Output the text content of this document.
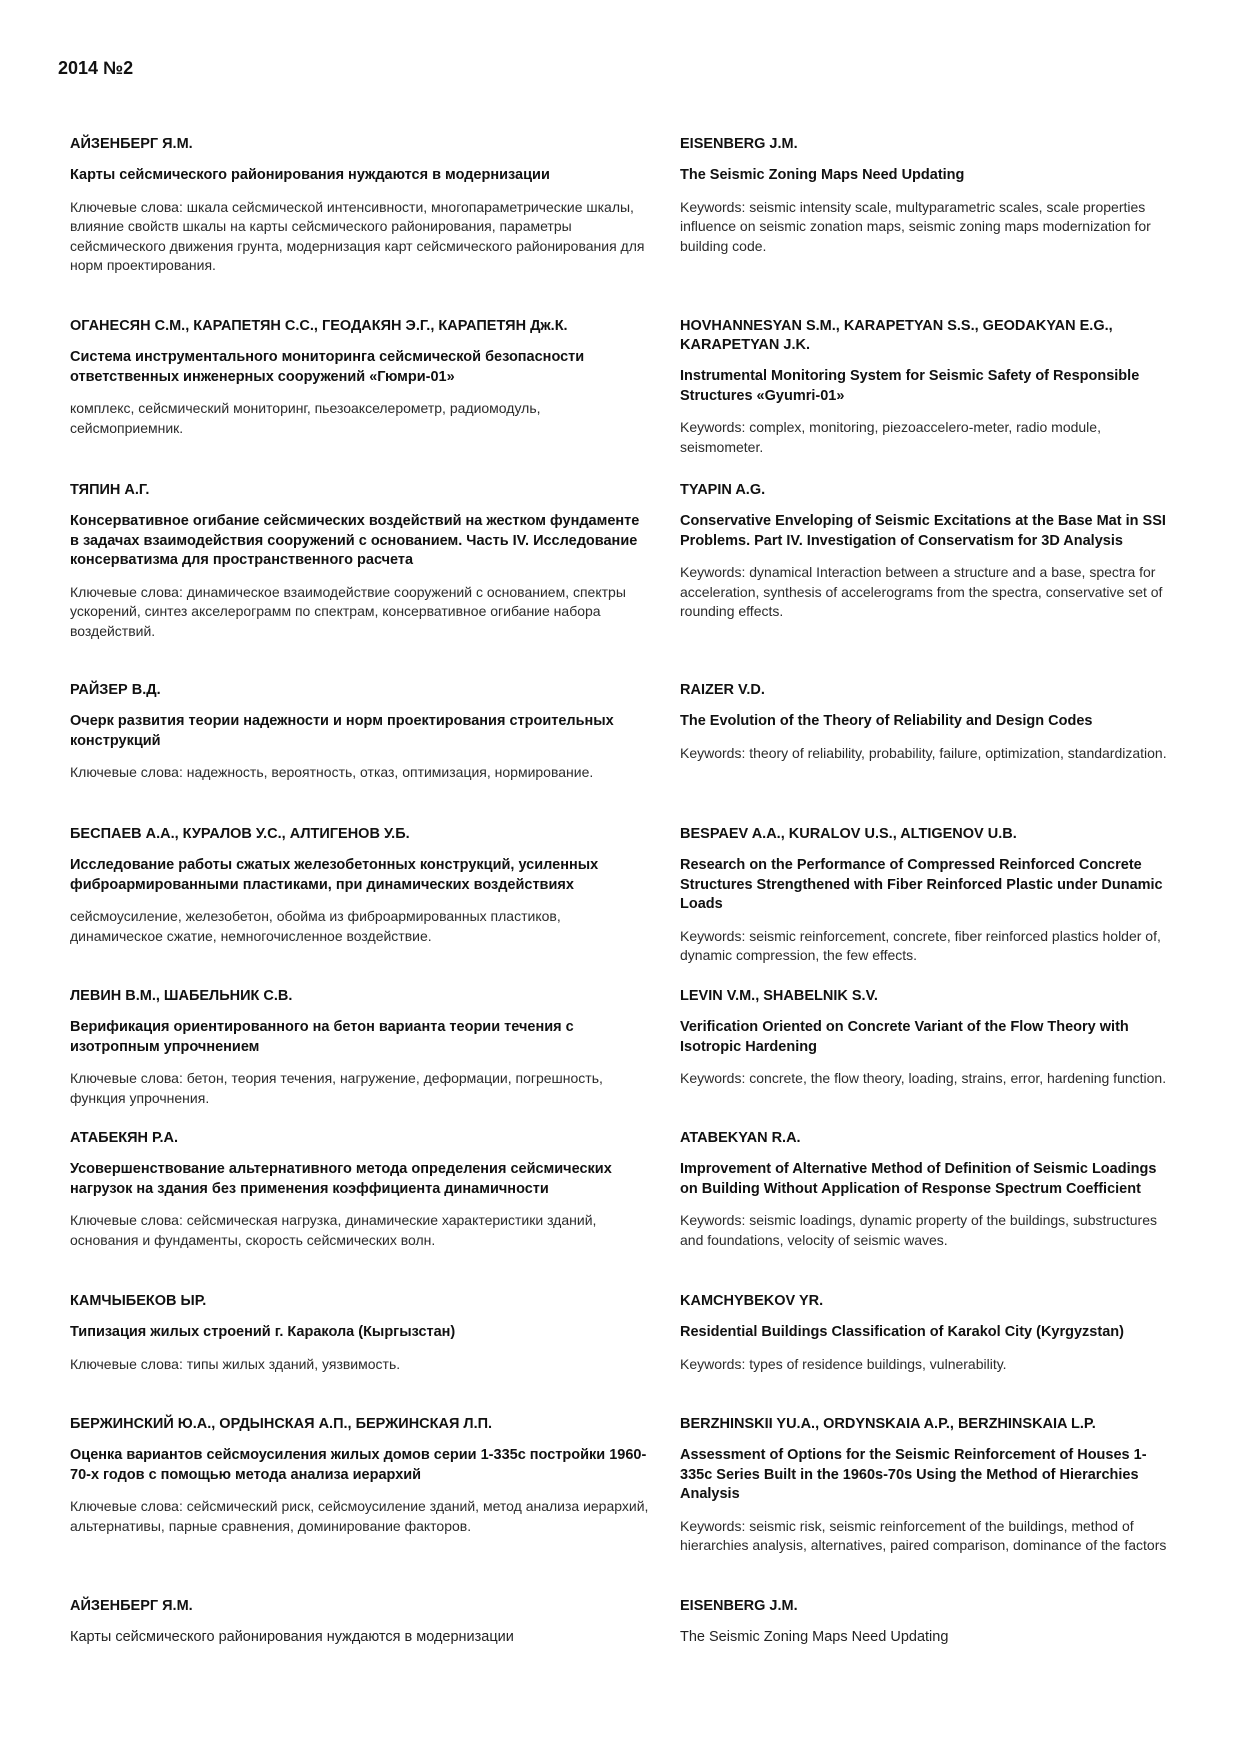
2014 №2
АЙЗЕНБЕРГ Я.М.
Карты сейсмического районирования нуждаются в модернизации
Ключевые слова: шкала сейсмической интенсивности, многопараметрические шкалы, влияние свойств шкалы на карты сейсмического районирования, параметры сейсмического движения грунта, модернизация карт сейсмического районирования для норм проектирования.
EISENBERG J.M.
The Seismic Zoning Maps Need Updating
Keywords: seismic intensity scale, multyparametric scales, scale properties influence on seismic zonation maps, seismic zoning maps modernization for building code.
ОГАНЕСЯН С.М., КАРАПЕТЯН С.С., ГЕОДАКЯН Э.Г., КАРАПЕТЯН Дж.К.
Система инструментального мониторинга сейсмической безопасности ответственных инженерных сооружений «Гюмри-01»
комплекс, сейсмический мониторинг, пьезоакселерометр, радиомодуль, сейсмоприемник.
HOVHANNESYAN S.M., KARAPETYAN S.S., GEODAKYAN E.G., KARAPETYAN J.K.
Instrumental Monitoring System for Seismic Safety of Responsible Structures «Gyumri-01»
Keywords: complex, monitoring, piezoaccelero-meter, radio module, seismometer.
ТЯПИН А.Г.
Консервативное огибание сейсмических воздействий на жестком фундаменте в задачах взаимодействия сооружений с основанием. Часть IV. Исследование консерватизма для пространственного расчета
Ключевые слова: динамическое взаимодействие сооружений с основанием, спектры ускорений, синтез акселерограмм по спектрам, консервативное огибание набора воздействий.
TYAPIN A.G.
Conservative Enveloping of Seismic Excitations at the Base Mat in SSI Problems. Part IV. Investigation of Conservatism for 3D Analysis
Keywords: dynamical Interaction between a structure and a base, spectra for acceleration, synthesis of accelerograms from the spectra, conservative set of rounding effects.
РАЙЗЕР В.Д.
Очерк развития теории надежности и норм проектирования строительных конструкций
Ключевые слова: надежность, вероятность, отказ, оптимизация, нормирование.
RAIZER V.D.
The Evolution of the Theory of Reliability and Design Codes
Keywords: theory of reliability, probability, failure, optimization, standardization.
БЕСПАЕВ А.А., КУРАЛОВ У.С., АЛТИГЕНОВ У.Б.
Исследование работы сжатых железобетонных конструкций, усиленных фиброармированными пластиками, при динамических воздействиях
сейсмоусиление, железобетон, обойма из фиброармированных пластиков, динамическое сжатие, немногочисленное воздействие.
BESPAEV A.A., KURALOV U.S., ALTIGENOV U.B.
Research on the Performance of Compressed Reinforced Concrete Structures Strengthened with Fiber Reinforced Plastic under Dunamic Loads
Keywords: seismic reinforcement, concrete, fiber reinforced plastics holder of, dynamic compression, the few effects.
ЛЕВИН В.М., ШАБЕЛЬНИК С.В.
Верификация ориентированного на бетон варианта теории течения с изотропным упрочнением
Ключевые слова: бетон, теория течения, нагружение, деформации, погрешность, функция упрочнения.
LEVIN V.M., SHABELNIK S.V.
Verification Oriented on Concrete Variant of the Flow Theory with Isotropic Hardening
Keywords: concrete, the flow theory, loading, strains, error, hardening function.
АТАБЕКЯН Р.А.
Усовершенствование альтернативного метода определения сейсмических нагрузок на здания без применения коэффициента динамичности
Ключевые слова: сейсмическая нагрузка, динамические характеристики зданий, основания и фундаменты, скорость сейсмических волн.
ATABEKYAN R.A.
Improvement of Alternative Method of Definition of Seismic Loadings on Building Without Application of Response Spectrum Coefficient
Keywords: seismic loadings, dynamic property of the buildings, substructures and foundations, velocity of seismic waves.
КАМЧЫБЕКОВ ЫР.
Типизация жилых строений г. Каракола (Кыргызстан)
Ключевые слова: типы жилых зданий, уязвимость.
KAMCHYBEKOV YR.
Residential Buildings Classification of Karakol City (Kyrgyzstan)
Keywords: types of residence buildings, vulnerability.
БЕРЖИНСКИЙ Ю.А., ОРДЫНСКАЯ А.П., БЕРЖИНСКАЯ Л.П.
Оценка вариантов сейсмоусиления жилых домов серии 1-335с постройки 1960-70-х годов с помощью метода анализа иерархий
Ключевые слова: сейсмический риск, сейсмоусиление зданий, метод анализа иерархий, альтернативы, парные сравнения, доминирование факторов.
BERZHINSKII YU.A., ORDYNSKAIA A.P., BERZHINSKAIA L.P.
Assessment of Options for the Seismic Reinforcement of Houses 1-335c Series Built in the 1960s-70s Using the Method of Hierarchies Analysis
Keywords: seismic risk, seismic reinforcement of the buildings, method of hierarchies analysis, alternatives, paired comparison, dominance of the factors
АЙЗЕНБЕРГ Я.М.
Карты сейсмического районирования нуждаются в модернизации
EISENBERG J.M.
The Seismic Zoning Maps Need Updating
